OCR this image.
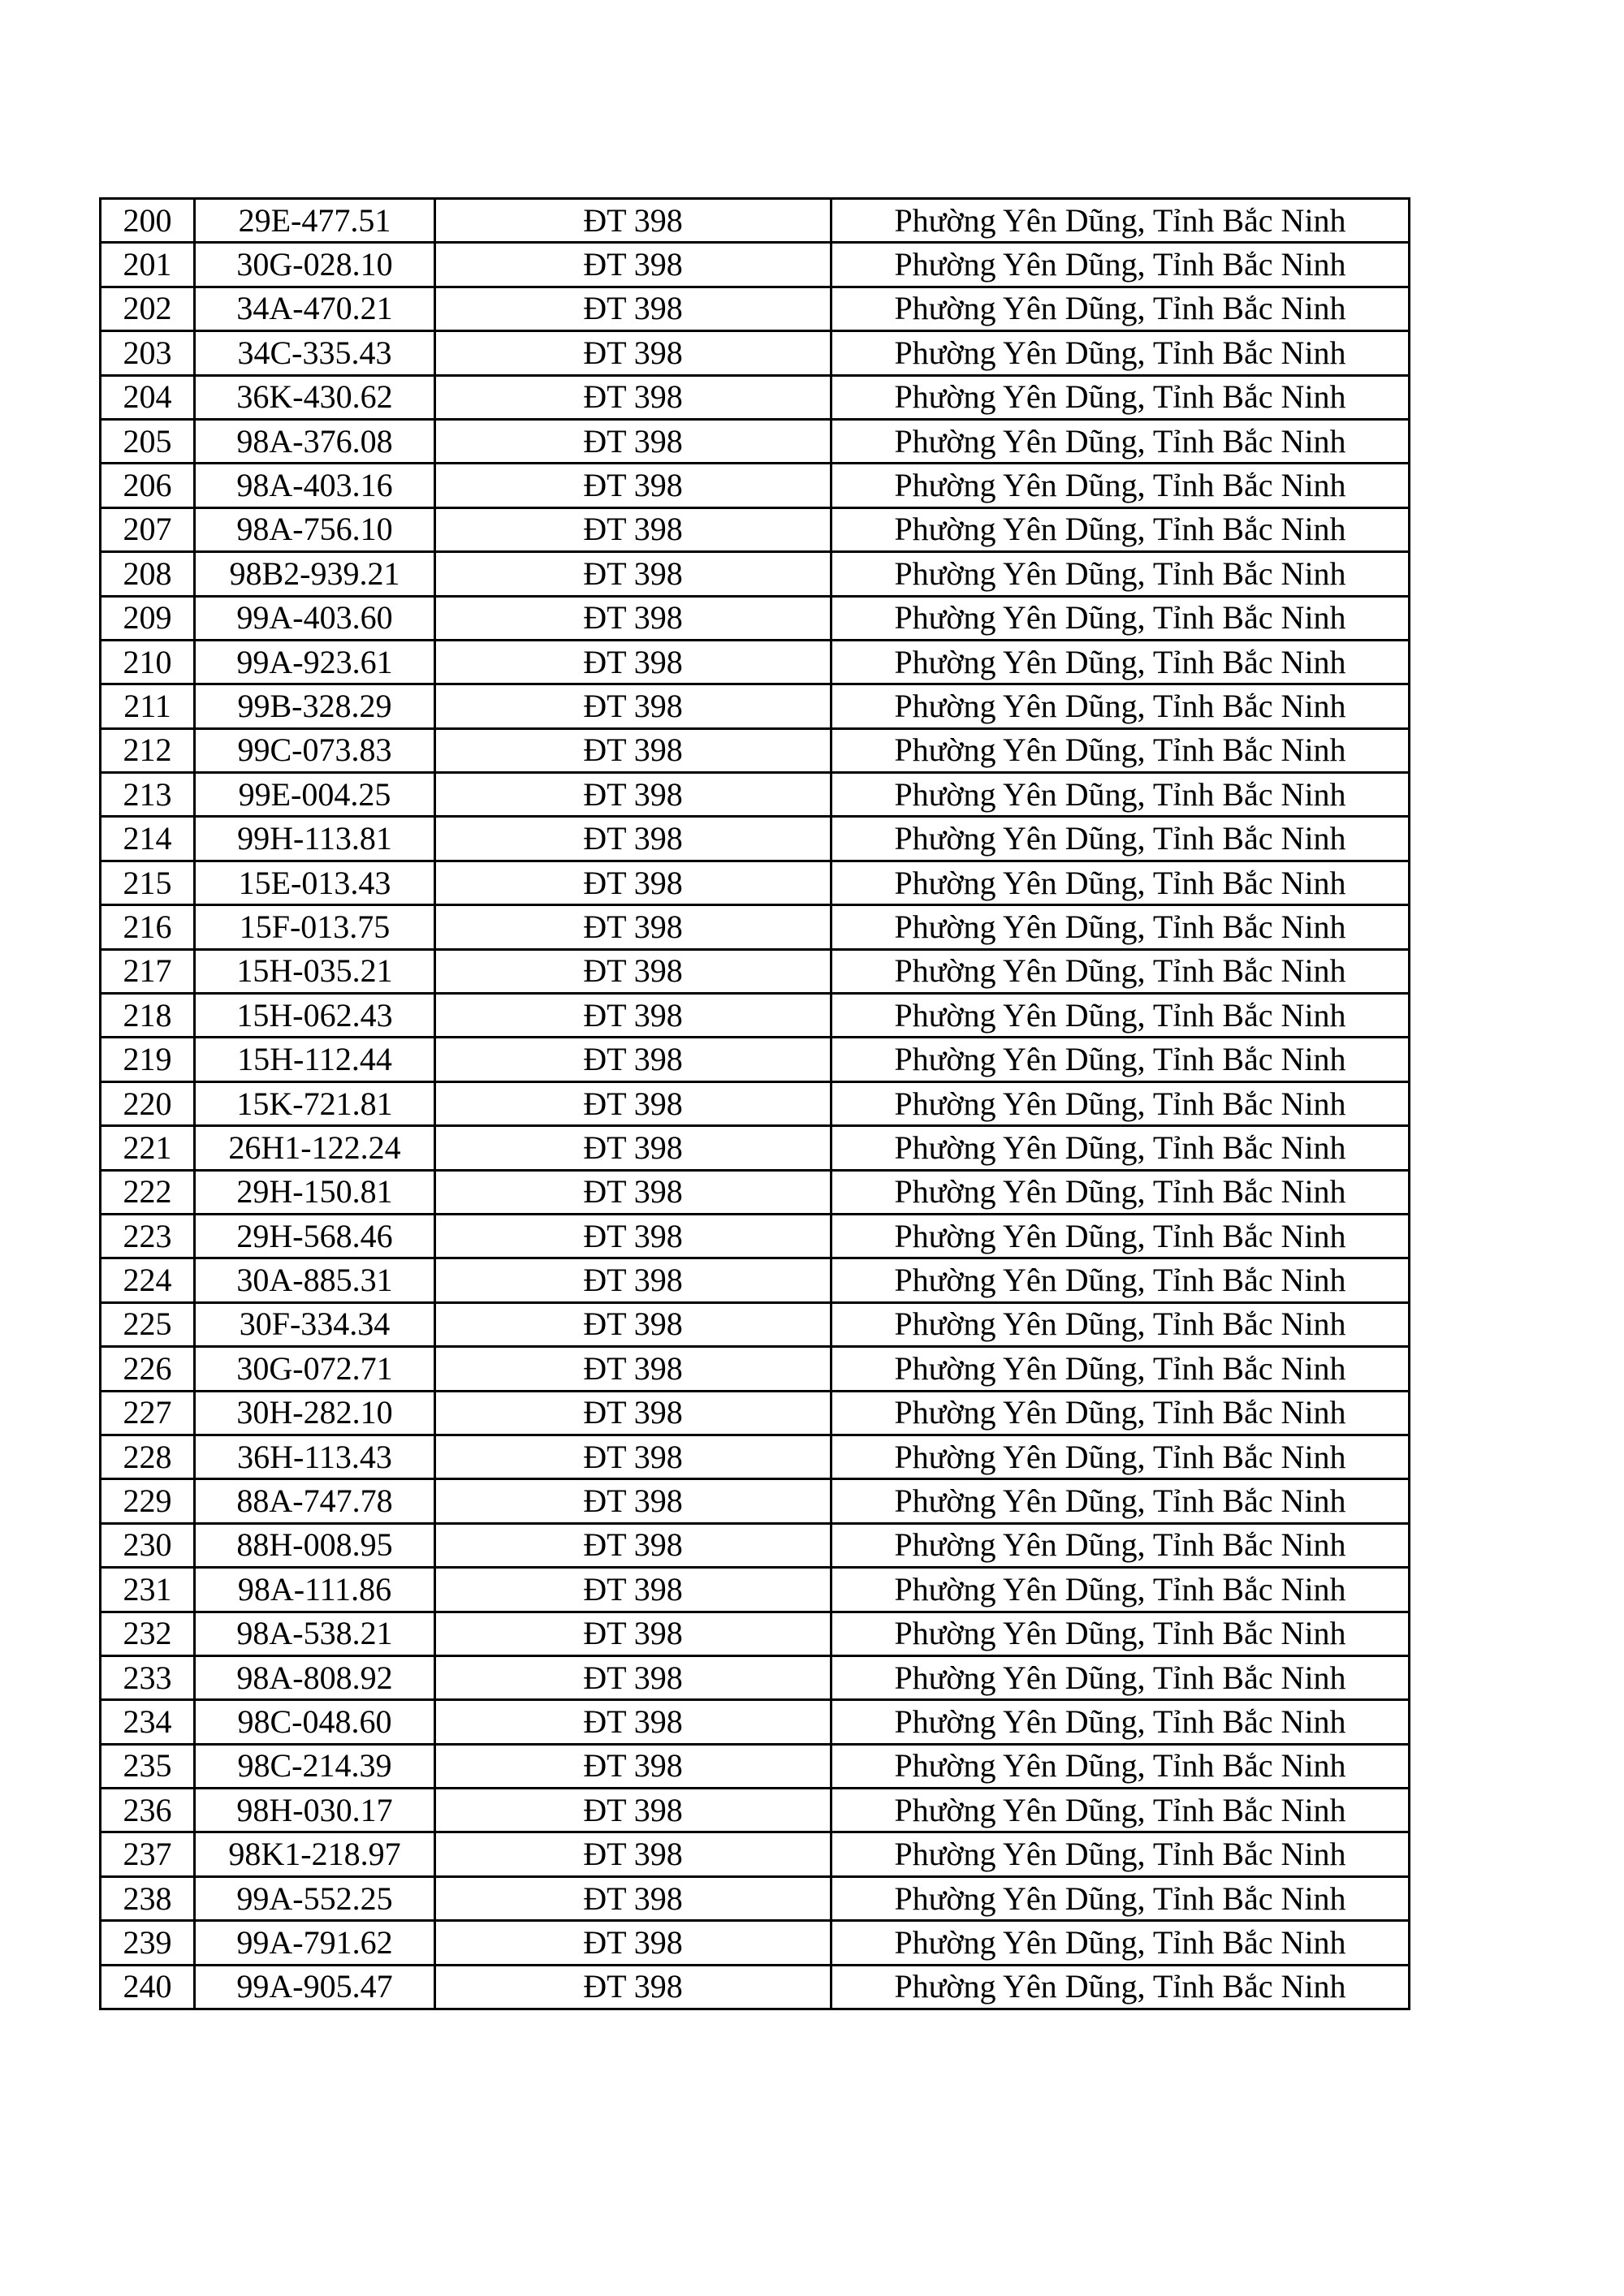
200	29E-477.51	ĐT 398	Phường Yên Dũng, Tỉnh Bắc Ninh
201	30G-028.10	ĐT 398	Phường Yên Dũng, Tỉnh Bắc Ninh
202	34A-470.21	ĐT 398	Phường Yên Dũng, Tỉnh Bắc Ninh
203	34C-335.43	ĐT 398	Phường Yên Dũng, Tỉnh Bắc Ninh
204	36K-430.62	ĐT 398	Phường Yên Dũng, Tỉnh Bắc Ninh
205	98A-376.08	ĐT 398	Phường Yên Dũng, Tỉnh Bắc Ninh
206	98A-403.16	ĐT 398	Phường Yên Dũng, Tỉnh Bắc Ninh
207	98A-756.10	ĐT 398	Phường Yên Dũng, Tỉnh Bắc Ninh
208	98B2-939.21	ĐT 398	Phường Yên Dũng, Tỉnh Bắc Ninh
209	99A-403.60	ĐT 398	Phường Yên Dũng, Tỉnh Bắc Ninh
210	99A-923.61	ĐT 398	Phường Yên Dũng, Tỉnh Bắc Ninh
211	99B-328.29	ĐT 398	Phường Yên Dũng, Tỉnh Bắc Ninh
212	99C-073.83	ĐT 398	Phường Yên Dũng, Tỉnh Bắc Ninh
213	99E-004.25	ĐT 398	Phường Yên Dũng, Tỉnh Bắc Ninh
214	99H-113.81	ĐT 398	Phường Yên Dũng, Tỉnh Bắc Ninh
215	15E-013.43	ĐT 398	Phường Yên Dũng, Tỉnh Bắc Ninh
216	15F-013.75	ĐT 398	Phường Yên Dũng, Tỉnh Bắc Ninh
217	15H-035.21	ĐT 398	Phường Yên Dũng, Tỉnh Bắc Ninh
218	15H-062.43	ĐT 398	Phường Yên Dũng, Tỉnh Bắc Ninh
219	15H-112.44	ĐT 398	Phường Yên Dũng, Tỉnh Bắc Ninh
220	15K-721.81	ĐT 398	Phường Yên Dũng, Tỉnh Bắc Ninh
221	26H1-122.24	ĐT 398	Phường Yên Dũng, Tỉnh Bắc Ninh
222	29H-150.81	ĐT 398	Phường Yên Dũng, Tỉnh Bắc Ninh
223	29H-568.46	ĐT 398	Phường Yên Dũng, Tỉnh Bắc Ninh
224	30A-885.31	ĐT 398	Phường Yên Dũng, Tỉnh Bắc Ninh
225	30F-334.34	ĐT 398	Phường Yên Dũng, Tỉnh Bắc Ninh
226	30G-072.71	ĐT 398	Phường Yên Dũng, Tỉnh Bắc Ninh
227	30H-282.10	ĐT 398	Phường Yên Dũng, Tỉnh Bắc Ninh
228	36H-113.43	ĐT 398	Phường Yên Dũng, Tỉnh Bắc Ninh
229	88A-747.78	ĐT 398	Phường Yên Dũng, Tỉnh Bắc Ninh
230	88H-008.95	ĐT 398	Phường Yên Dũng, Tỉnh Bắc Ninh
231	98A-111.86	ĐT 398	Phường Yên Dũng, Tỉnh Bắc Ninh
232	98A-538.21	ĐT 398	Phường Yên Dũng, Tỉnh Bắc Ninh
233	98A-808.92	ĐT 398	Phường Yên Dũng, Tỉnh Bắc Ninh
234	98C-048.60	ĐT 398	Phường Yên Dũng, Tỉnh Bắc Ninh
235	98C-214.39	ĐT 398	Phường Yên Dũng, Tỉnh Bắc Ninh
236	98H-030.17	ĐT 398	Phường Yên Dũng, Tỉnh Bắc Ninh
237	98K1-218.97	ĐT 398	Phường Yên Dũng, Tỉnh Bắc Ninh
238	99A-552.25	ĐT 398	Phường Yên Dũng, Tỉnh Bắc Ninh
239	99A-791.62	ĐT 398	Phường Yên Dũng, Tỉnh Bắc Ninh
240	99A-905.47	ĐT 398	Phường Yên Dũng, Tỉnh Bắc Ninh
